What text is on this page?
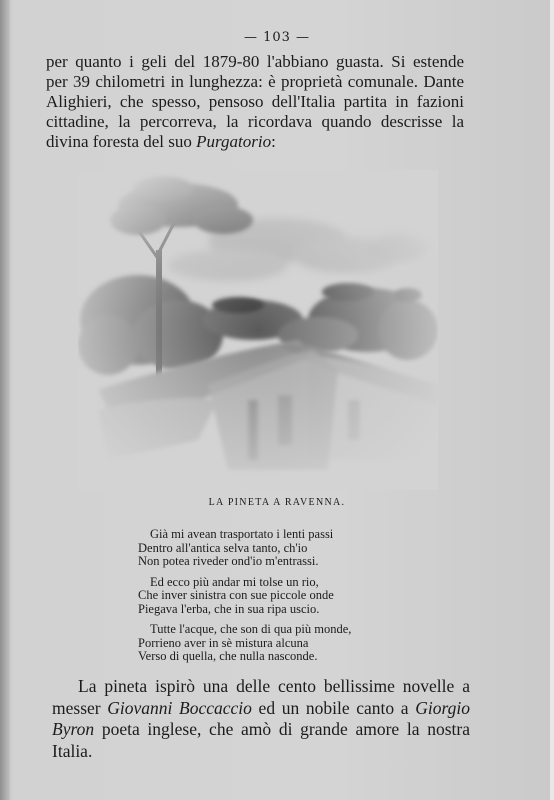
— 103 —
per quanto i geli del 1879-80 l'abbiano guasta. Si estende
per 39 chilometri in lunghezza: è proprietà comunale. Dante
Alighieri, che spesso, pensoso dell'Italia partita in fazioni
cittadine, la percorreva, la ricordava quando descrisse la
divina foresta del suo Purgatorio:
LA PINETA A RAVENNA.
Già mi avean trasportato i lenti passi
Dentro all'antica selva tanto, ch'io
Non potea riveder ond'io m'entrassi.
Ed ecco più andar mi tolse un rio,
Che inver sinistra con sue piccole onde
Piegava l'erba, che in sua ripa uscio.
Tutte l'acque, che son di qua più monde,
Porrieno aver in sè mistura alcuna
Verso di quella, che nulla nasconde.
La pineta ispirò una delle cento bellissime novelle a
messer Giovanni Boccaccio ed un nobile canto a Giorgio
Byron poeta inglese, che amò di grande amore la nostra
Italia.
